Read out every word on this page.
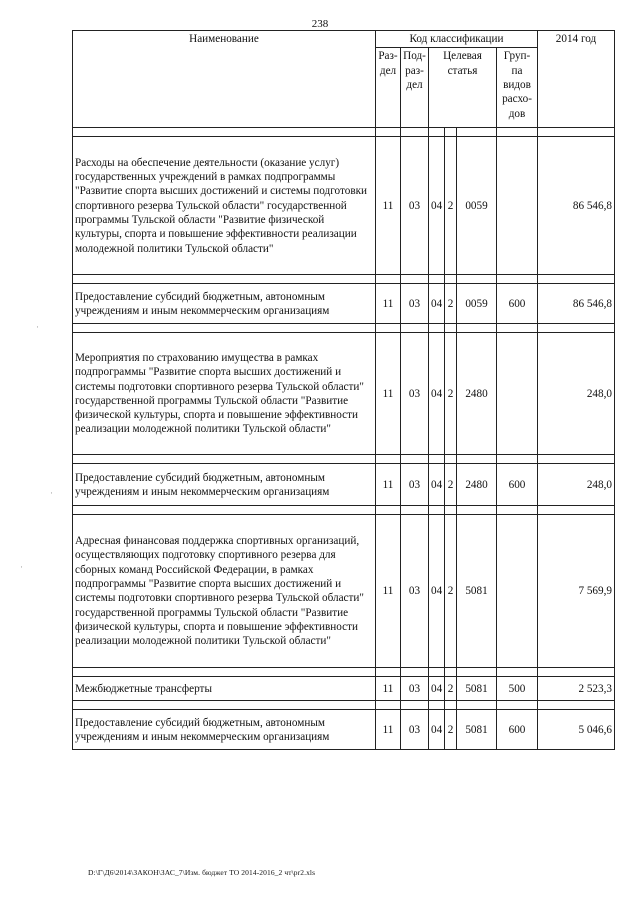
238
Наименование	Код классификации						2014 год
	Раз-дел	Под-раз-дел	Целевая статья			Груп-па видов расхо-дов	

Расходы на обеспечение деятельности (оказание услуг) государственных учреждений в рамках подпрограммы "Развитие спорта высших достижений и системы подготовки спортивного резерва Тульской области" государственной программы Тульской области "Развитие физической культуры, спорта и повышение эффективности реализации молодежной политики Тульской области"	11	03	04	2	0059		86 546,8

Предоставление субсидий бюджетным, автономным учреждениям и иным некоммерческим организациям	11	03	04	2	0059	600	86 546,8

Мероприятия по страхованию имущества в рамках подпрограммы "Развитие спорта высших достижений и системы подготовки спортивного резерва Тульской области" государственной программы Тульской области "Развитие физической культуры, спорта и повышение эффективности реализации молодежной политики Тульской области"	11	03	04	2	2480		248,0

Предоставление субсидий бюджетным, автономным учреждениям и иным некоммерческим организациям	11	03	04	2	2480	600	248,0

Адресная финансовая поддержка спортивных организаций, осуществляющих подготовку спортивного резерва для сборных команд Российской Федерации, в рамках подпрограммы "Развитие спорта высших достижений и системы подготовки спортивного резерва Тульской области" государственной программы Тульской области "Развитие физической культуры, спорта и повышение эффективности реализации молодежной политики Тульской области"	11	03	04	2	5081		7 569,9

Межбюджетные трансферты	11	03	04	2	5081	500	2 523,3

Предоставление субсидий бюджетным, автономным учреждениям и иным некоммерческим организациям	11	03	04	2	5081	600	5 046,6
·
·
·
D:\Г\Д6\2014\ЗАКОН\ЗАС_7\Изм. бюджет ТО 2014-2016_2 чт\pr2.xls
